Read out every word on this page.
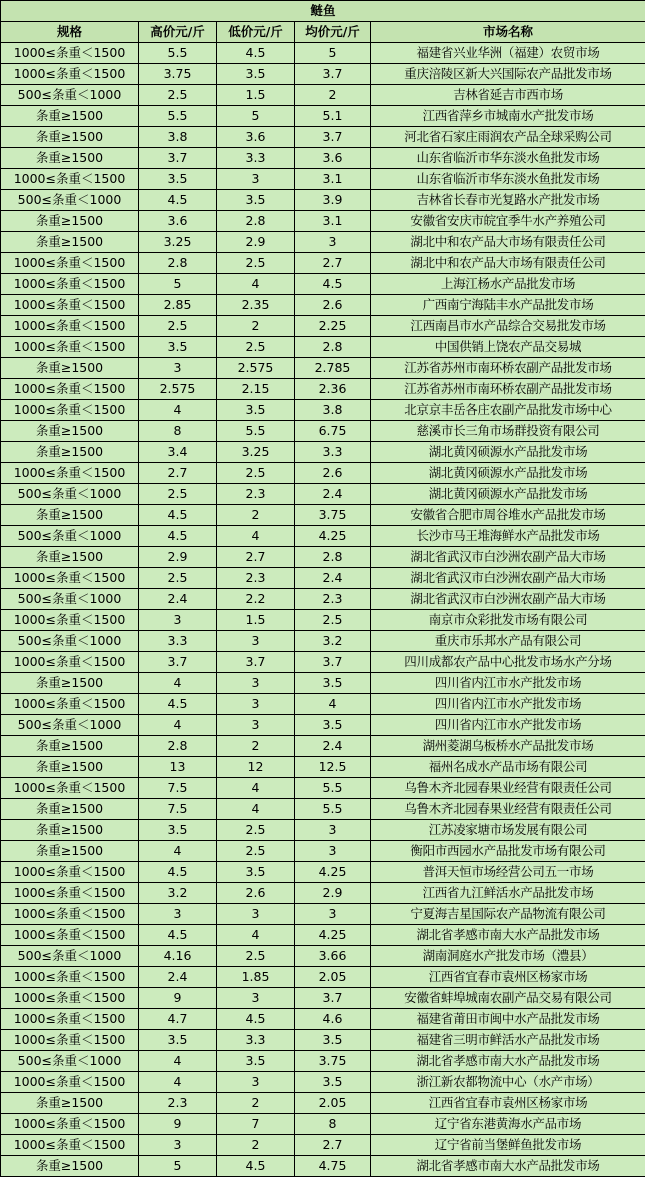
鲢鱼				
规格	高价元/斤	低价元/斤	均价元/斤	市场名称
1000≤条重＜1500	5.5	4.5	5	福建省兴业华洲（福建）农贸市场
1000≤条重＜1500	3.75	3.5	3.7	重庆涪陵区新大兴国际农产品批发市场
500≤条重＜1000	2.5	1.5	2	吉林省延吉市西市场
条重≥1500	5.5	5	5.1	江西省萍乡市城南水产批发市场
条重≥1500	3.8	3.6	3.7	河北省石家庄雨润农产品全球采购公司
条重≥1500	3.7	3.3	3.6	山东省临沂市华东淡水鱼批发市场
1000≤条重＜1500	3.5	3	3.1	山东省临沂市华东淡水鱼批发市场
500≤条重＜1000	4.5	3.5	3.9	吉林省长春市光复路水产批发市场
条重≥1500	3.6	2.8	3.1	安徽省安庆市皖宜季牛水产养殖公司
条重≥1500	3.25	2.9	3	湖北中和农产品大市场有限责任公司
1000≤条重＜1500	2.8	2.5	2.7	湖北中和农产品大市场有限责任公司
1000≤条重＜1500	5	4	4.5	上海江杨水产品批发市场
1000≤条重＜1500	2.85	2.35	2.6	广西南宁海陆丰水产品批发市场
1000≤条重＜1500	2.5	2	2.25	江西南昌市水产品综合交易批发市场
1000≤条重＜1500	3.5	2.5	2.8	中国供销上饶农产品交易城
条重≥1500	3	2.575	2.785	江苏省苏州市南环桥农副产品批发市场
1000≤条重＜1500	2.575	2.15	2.36	江苏省苏州市南环桥农副产品批发市场
1000≤条重＜1500	4	3.5	3.8	北京京丰岳各庄农副产品批发市场中心
条重≥1500	8	5.5	6.75	慈溪市长三角市场群投资有限公司
条重≥1500	3.4	3.25	3.3	湖北黄冈硕源水产品批发市场
1000≤条重＜1500	2.7	2.5	2.6	湖北黄冈硕源水产品批发市场
500≤条重＜1000	2.5	2.3	2.4	湖北黄冈硕源水产品批发市场
条重≥1500	4.5	2	3.75	安徽省合肥市周谷堆水产品批发市场
500≤条重＜1000	4.5	4	4.25	长沙市马王堆海鲜水产品批发市场
条重≥1500	2.9	2.7	2.8	湖北省武汉市白沙洲农副产品大市场
1000≤条重＜1500	2.5	2.3	2.4	湖北省武汉市白沙洲农副产品大市场
500≤条重＜1000	2.4	2.2	2.3	湖北省武汉市白沙洲农副产品大市场
1000≤条重＜1500	3	1.5	2.5	南京市众彩批发市场有限公司
500≤条重＜1000	3.3	3	3.2	重庆市乐邦水产品有限公司
1000≤条重＜1500	3.7	3.7	3.7	四川成都农产品中心批发市场水产分场
条重≥1500	4	3	3.5	四川省内江市水产批发市场
1000≤条重＜1500	4.5	3	4	四川省内江市水产批发市场
500≤条重＜1000	4	3	3.5	四川省内江市水产批发市场
条重≥1500	2.8	2	2.4	湖州菱湖乌板桥水产品批发市场
条重≥1500	13	12	12.5	福州名成水产品市场有限公司
1000≤条重＜1500	7.5	4	5.5	乌鲁木齐北园春果业经营有限责任公司
条重≥1500	7.5	4	5.5	乌鲁木齐北园春果业经营有限责任公司
条重≥1500	3.5	2.5	3	江苏凌家塘市场发展有限公司
条重≥1500	4	2.5	3	衡阳市西园水产品批发市场有限公司
1000≤条重＜1500	4.5	3.5	4.25	普洱天恒市场经营公司五一市场
1000≤条重＜1500	3.2	2.6	2.9	江西省九江鲜活水产品批发市场
1000≤条重＜1500	3	3	3	宁夏海吉星国际农产品物流有限公司
1000≤条重＜1500	4.5	4	4.25	湖北省孝感市南大水产品批发市场
500≤条重＜1000	4.16	2.5	3.66	湖南洞庭水产批发市场（澧县）
1000≤条重＜1500	2.4	1.85	2.05	江西省宜春市袁州区杨家市场
1000≤条重＜1500	9	3	3.7	安徽省蚌埠城南农副产品交易有限公司
1000≤条重＜1500	4.7	4.5	4.6	福建省莆田市闽中水产品批发市场
1000≤条重＜1500	3.5	3.3	3.5	福建省三明市鲜活水产品批发市场
500≤条重＜1000	4	3.5	3.75	湖北省孝感市南大水产品批发市场
1000≤条重＜1500	4	3	3.5	浙江新农都物流中心（水产市场）
条重≥1500	2.3	2	2.05	江西省宜春市袁州区杨家市场
1000≤条重＜1500	9	7	8	辽宁省东港黄海水产品市场
1000≤条重＜1500	3	2	2.7	辽宁省前当堡鲜鱼批发市场
条重≥1500	5	4.5	4.75	湖北省孝感市南大水产品批发市场
